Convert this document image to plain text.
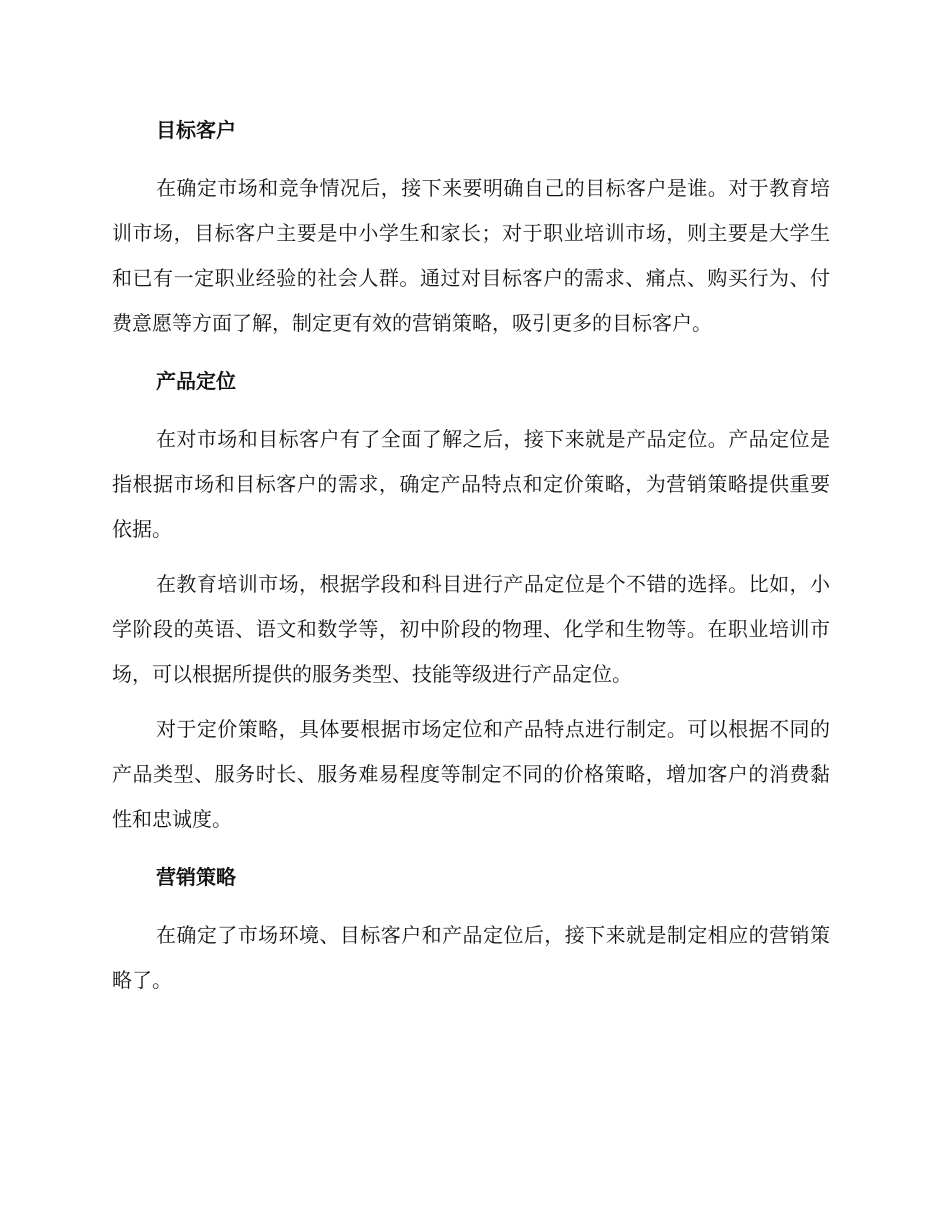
目标客户

在确定市场和竞争情况后，接下来要明确自己的目标客户是谁。对于教育培训市场，目标客户主要是中小学生和家长；对于职业培训市场，则主要是大学生和已有一定职业经验的社会人群。通过对目标客户的需求、痛点、购买行为、付费意愿等方面了解，制定更有效的营销策略，吸引更多的目标客户。

产品定位

在对市场和目标客户有了全面了解之后，接下来就是产品定位。产品定位是指根据市场和目标客户的需求，确定产品特点和定价策略，为营销策略提供重要依据。

在教育培训市场，根据学段和科目进行产品定位是个不错的选择。比如，小学阶段的英语、语文和数学等，初中阶段的物理、化学和生物等。在职业培训市场，可以根据所提供的服务类型、技能等级进行产品定位。

对于定价策略，具体要根据市场定位和产品特点进行制定。可以根据不同的产品类型、服务时长、服务难易程度等制定不同的价格策略，增加客户的消费黏性和忠诚度。

营销策略

在确定了市场环境、目标客户和产品定位后，接下来就是制定相应的营销策略了。
